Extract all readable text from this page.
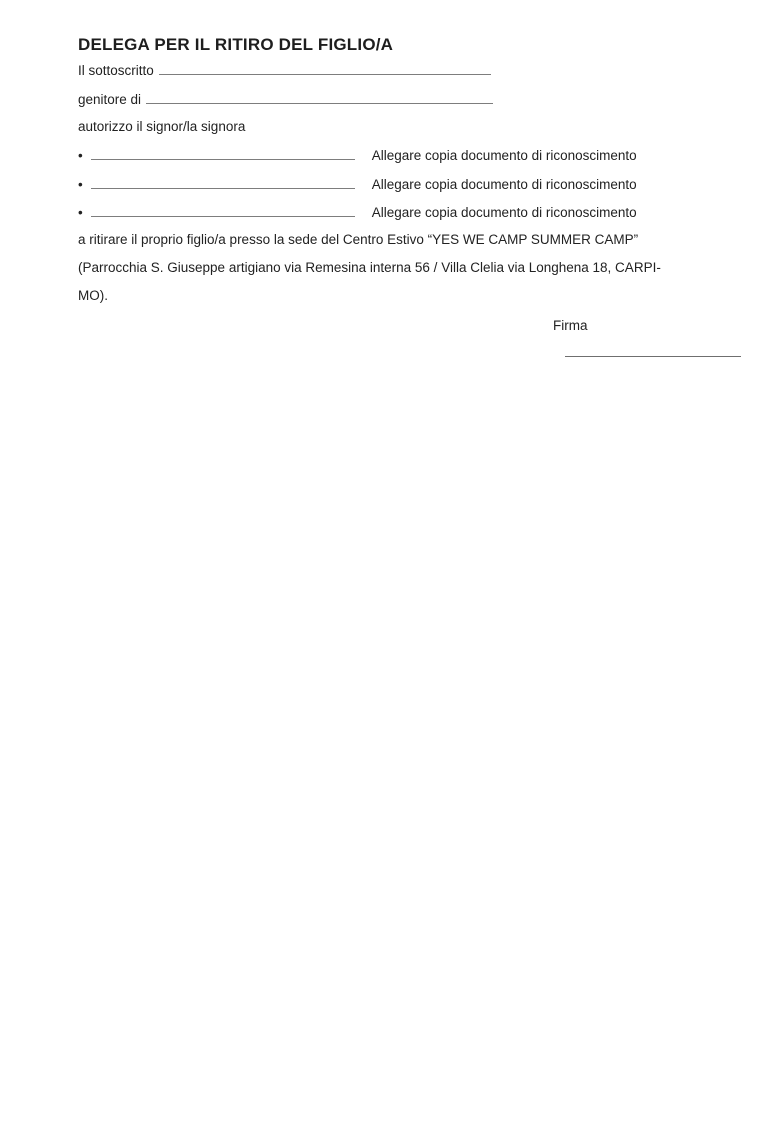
DELEGA PER IL RITIRO DEL FIGLIO/A
Il sottoscritto
genitore di
autorizzo il signor/la signora
•	Allegare copia documento di riconoscimento
•	Allegare copia documento di riconoscimento
•	Allegare copia documento di riconoscimento
a ritirare il proprio figlio/a presso la sede del Centro Estivo “YES WE CAMP SUMMER CAMP”
(Parrocchia S. Giuseppe artigiano via Remesina interna 56 / Villa Clelia via Longhena 18, CARPI-
MO).
Firma
